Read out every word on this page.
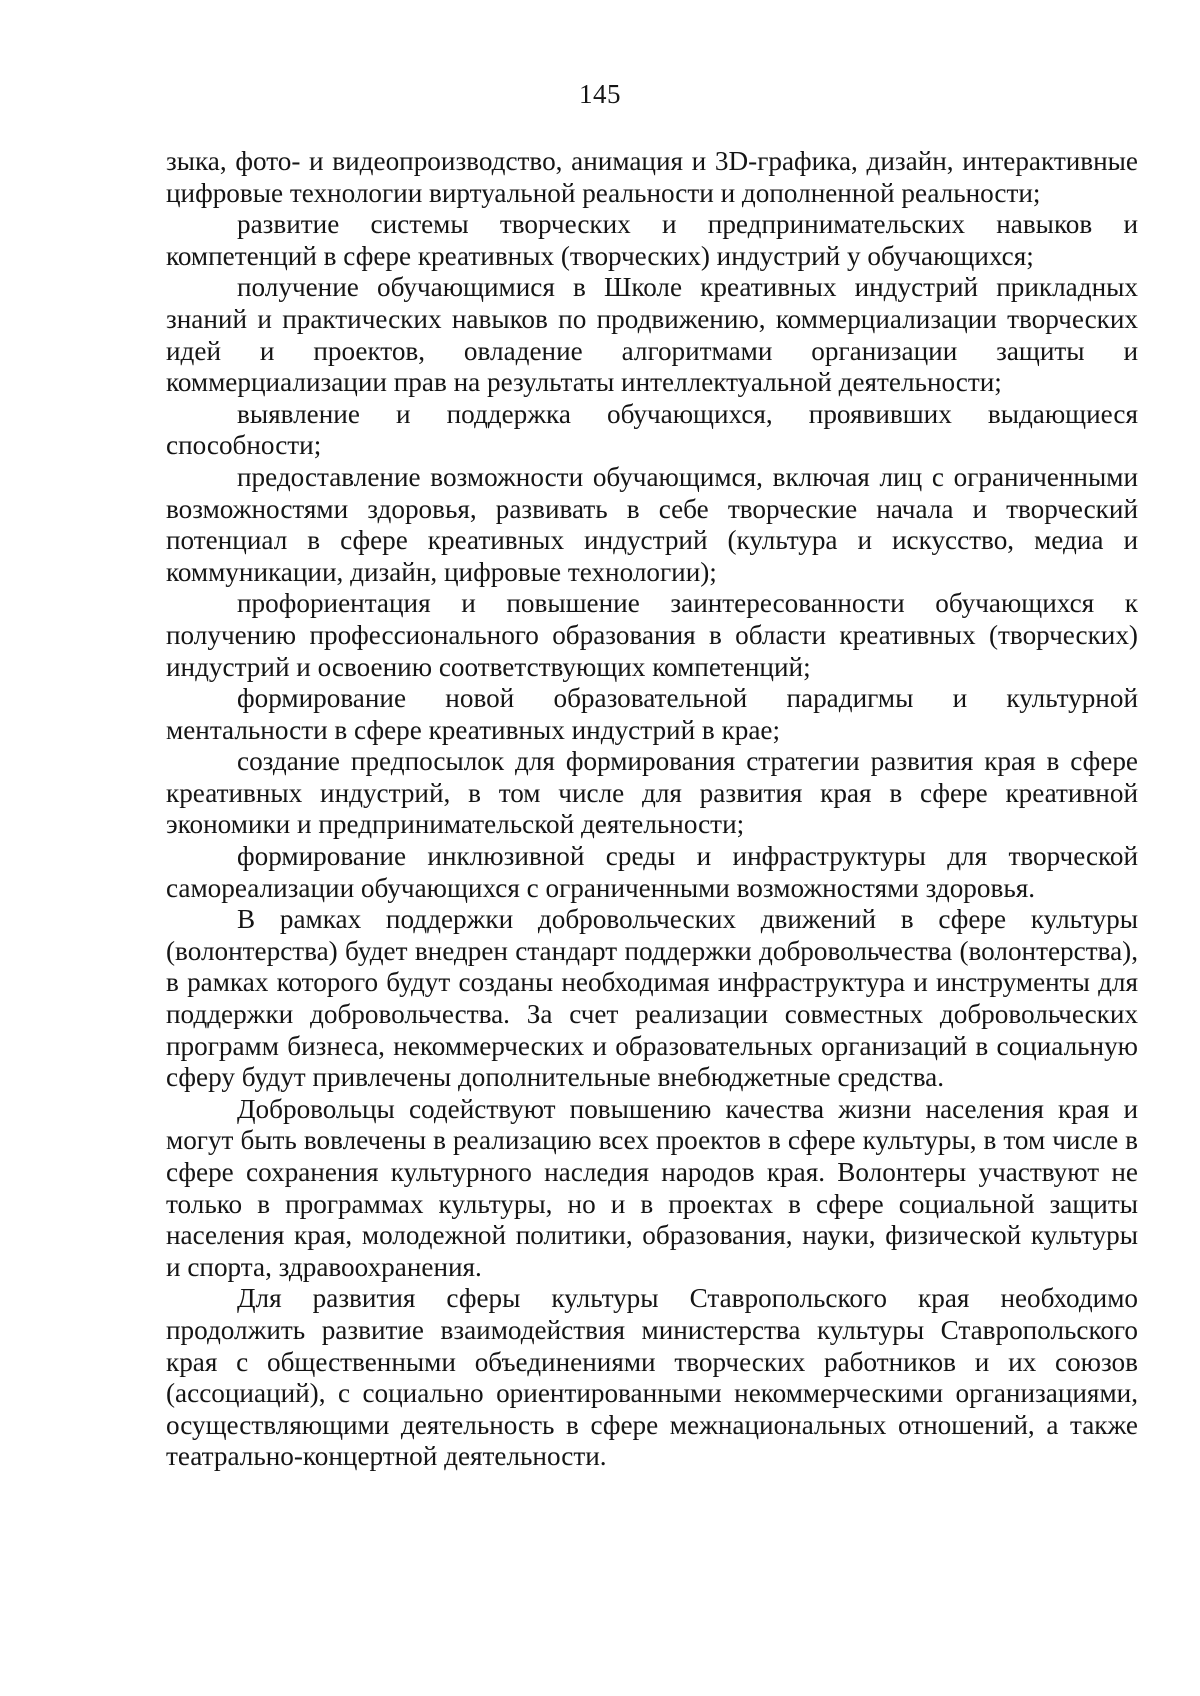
145

зыка, фото- и видеопроизводство, анимация и 3D-графика, дизайн, интерактивные цифровые технологии виртуальной реальности и дополненной реальности;

развитие системы творческих и предпринимательских навыков и компетенций в сфере креативных (творческих) индустрий у обучающихся;

получение обучающимися в Школе креативных индустрий прикладных знаний и практических навыков по продвижению, коммерциализации творческих идей и проектов, овладение алгоритмами организации защиты и коммерциализации прав на результаты интеллектуальной деятельности;

выявление и поддержка обучающихся, проявивших выдающиеся способности;

предоставление возможности обучающимся, включая лиц с ограниченными возможностями здоровья, развивать в себе творческие начала и творческий потенциал в сфере креативных индустрий (культура и искусство, медиа и коммуникации, дизайн, цифровые технологии);

профориентация и повышение заинтересованности обучающихся к получению профессионального образования в области креативных (творческих) индустрий и освоению соответствующих компетенций;

формирование новой образовательной парадигмы и культурной ментальности в сфере креативных индустрий в крае;

создание предпосылок для формирования стратегии развития края в сфере креативных индустрий, в том числе для развития края в сфере креативной экономики и предпринимательской деятельности;

формирование инклюзивной среды и инфраструктуры для творческой самореализации обучающихся с ограниченными возможностями здоровья.

В рамках поддержки добровольческих движений в сфере культуры (волонтерства) будет внедрен стандарт поддержки добровольчества (волонтерства), в рамках которого будут созданы необходимая инфраструктура и инструменты для поддержки добровольчества. За счет реализации совместных добровольческих программ бизнеса, некоммерческих и образовательных организаций в социальную сферу будут привлечены дополнительные внебюджетные средства.

Добровольцы содействуют повышению качества жизни населения края и могут быть вовлечены в реализацию всех проектов в сфере культуры, в том числе в сфере сохранения культурного наследия народов края. Волонтеры участвуют не только в программах культуры, но и в проектах в сфере социальной защиты населения края, молодежной политики, образования, науки, физической культуры и спорта, здравоохранения.

Для развития сферы культуры Ставропольского края необходимо продолжить развитие взаимодействия министерства культуры Ставропольского края с общественными объединениями творческих работников и их союзов (ассоциаций), с социально ориентированными некоммерческими организациями, осуществляющими деятельность в сфере межнациональных отношений, а также театрально-концертной деятельности.
